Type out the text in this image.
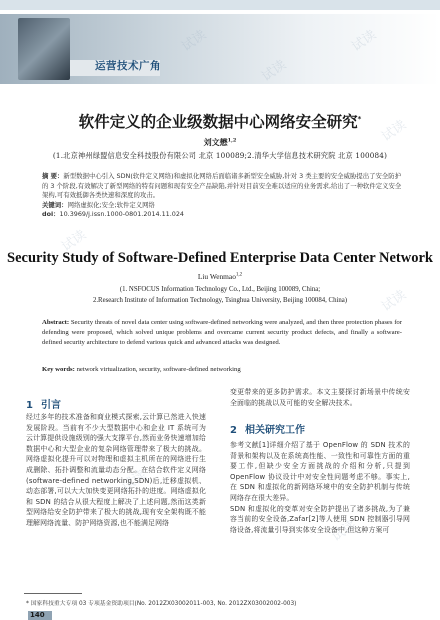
运营技术广角
试读
试读
试读
试读
试读
试读
试读
试读
软件定义的企业级数据中心网络安全研究*
刘文懋$^{1,2}$
(1.北京神州绿盟信息安全科技股份有限公司 北京 100089;2.清华大学信息技术研究院 北京 100084)
摘 要：新型数据中心引入 SDN(软件定义网络)和虚拟化网络后面临诸多新型安全威胁,针对 3 类主要的安全威胁提出了安全防护的 3 个阶段,有效解决了新型网络的特有问题和现有安全产品缺陷,并针对目前安全难以适应的业务需求,给出了一种软件定义安全架构,可有效抵御各类快速和深度的攻击。
关键词：网络虚拟化;安全;软件定义网络
doi：10.3969/j.issn.1000-0801.2014.11.024
Security Study of Software-Defined Enterprise Data Center Network
Liu Wenmao$^{1,2}$
(1. NSFOCUS Information Technology Co., Ltd., Beijing 100089, China;
2.Research Institute of Information Technology, Tsinghua University, Beijing 100084, China)
Abstract: Security threats of novel data center using software-defined networking were analyzed, and then three protection phases for defending were proposed, which solved unique problems and overcame current security product defects, and finally a software-defined security architecture to defend various quick and advanced attacks was designed.
Key words: network virtualization, security, software-defined networking
1 引言
经过多年的技术准备和商业模式探索,云计算已然进入快速发展阶段。当前有不少大型数据中心和企业 IT 系统可为云计算提供设施级别的强大支撑平台,然而业务快速增加给数据中心和大型企业的复杂网络管理带来了极大的挑战。网络虚拟化提升可以对物理和虚拟主机所在的网络进行生成删除、拓扑调整和流量动态分配。在结合软件定义网络(software-defined networking,SDN)后,迁移虚拟机、动态部署,可以大大加快变更网络拓扑的进度。网络虚拟化和 SDN 的结合从很大程度上解决了上述问题,然而这类新型网络给安全防护带来了极大的挑战,现有安全架构既不能理解网络流量、防护网络资源,也不能满足网络
变更带来的更多防护需求。本文主要探讨新场景中传统安全面临的挑战以及可能的安全解决技术。
2 相关研究工作
参考文献[1]详细介绍了基于 OpenFlow 的 SDN 技术的背景和架构以及在系统高性能、一致性和可靠性方面的重要工作,但缺少安全方面挑战的介绍和分析,只提到 OpenFlow 协议设计中对安全性问题考虑不够。事实上,在 SDN 和虚拟化的新网络环境中的安全防护机制与传统网络存在很大差异。
SDN 和虚拟化的变革对安全防护提出了诸多挑战,为了兼容当前的安全设备,Zafar[2]等人使用 SDN 控制器引导网络设备,将流量引导到实体安全设备中,但这种方案可
* 国家科技重大专项 03 专项基金资助项目(No. 2012ZX03002011-003, No. 2012ZX03002002-003)
140
